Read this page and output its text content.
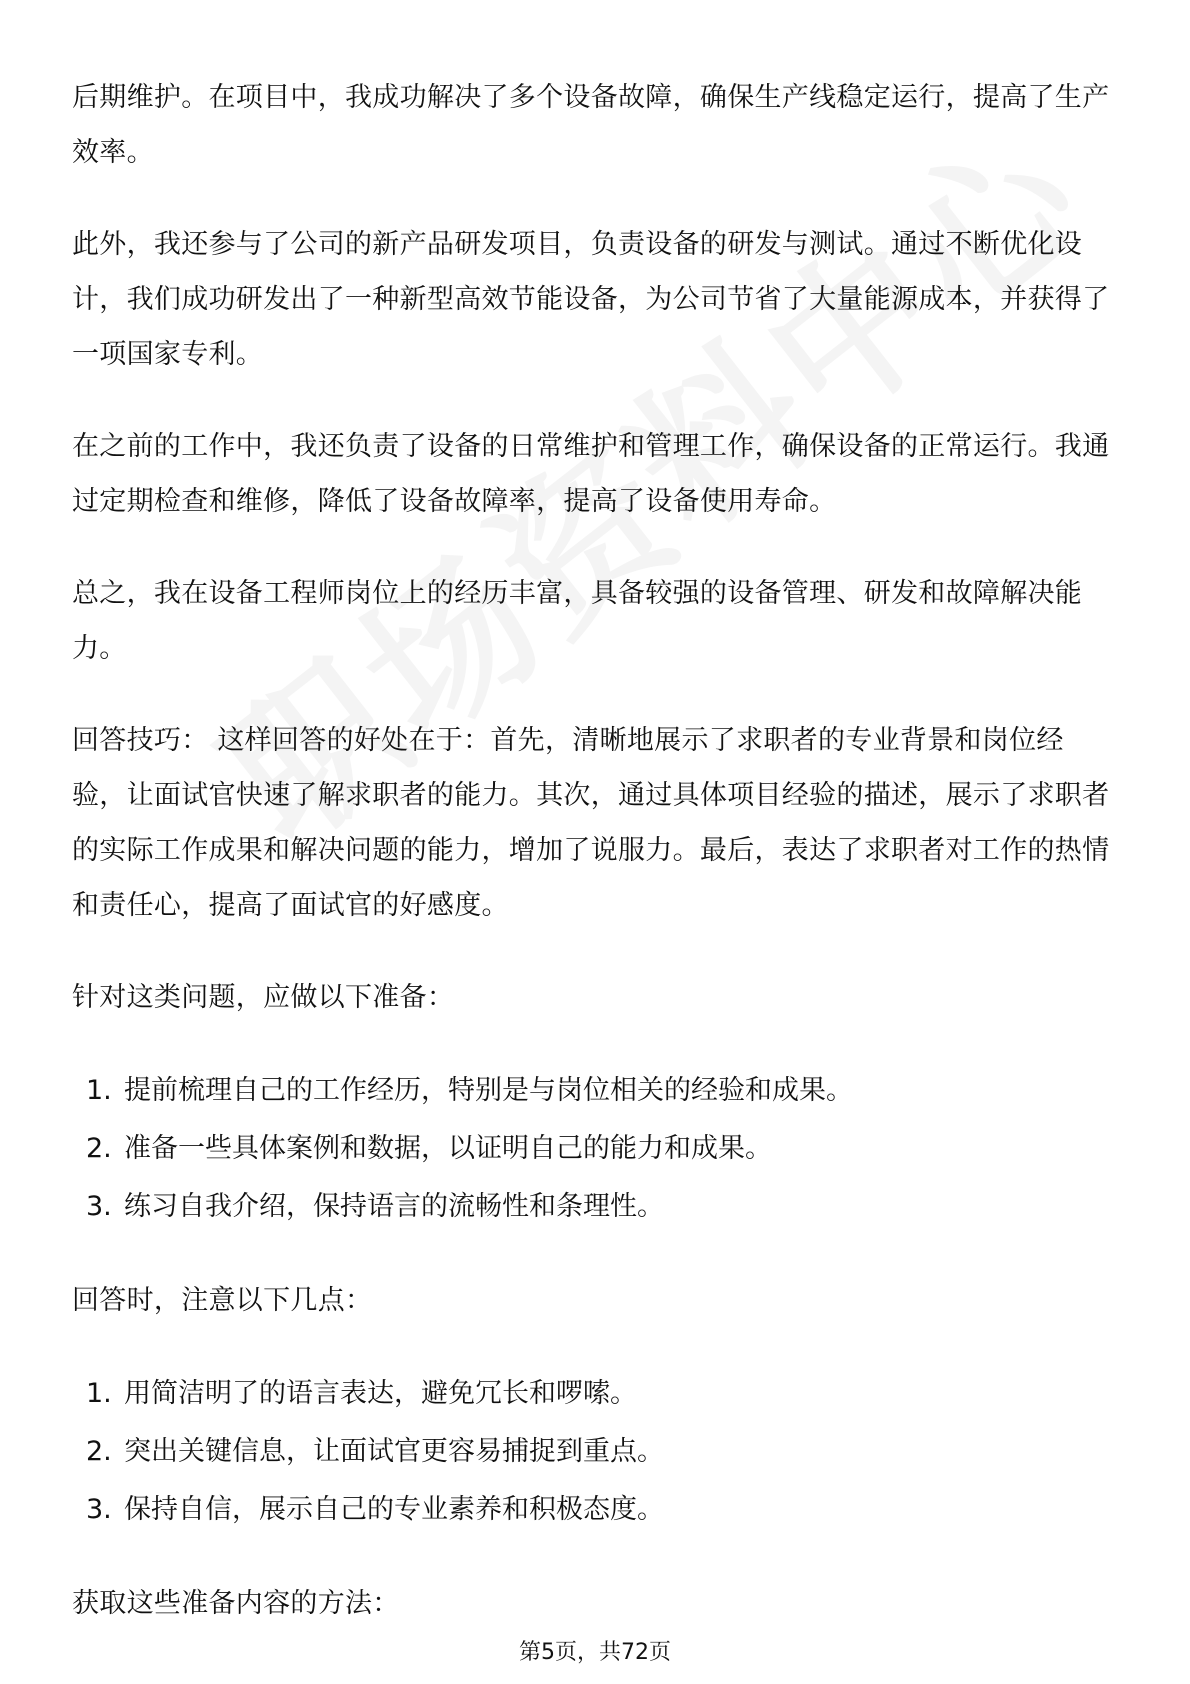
后期维护。在项目中，我成功解决了多个设备故障，确保生产线稳定运行，提高了生产效率。

此外，我还参与了公司的新产品研发项目，负责设备的研发与测试。通过不断优化设计，我们成功研发出了一种新型高效节能设备，为公司节省了大量能源成本，并获得了一项国家专利。

在之前的工作中，我还负责了设备的日常维护和管理工作，确保设备的正常运行。我通过定期检查和维修，降低了设备故障率，提高了设备使用寿命。

总之，我在设备工程师岗位上的经历丰富，具备较强的设备管理、研发和故障解决能力。

回答技巧： 这样回答的好处在于：首先，清晰地展示了求职者的专业背景和岗位经验，让面试官快速了解求职者的能力。其次，通过具体项目经验的描述，展示了求职者的实际工作成果和解决问题的能力，增加了说服力。最后，表达了求职者对工作的热情和责任心，提高了面试官的好感度。

针对这类问题，应做以下准备：

1. 提前梳理自己的工作经历，特别是与岗位相关的经验和成果。
2. 准备一些具体案例和数据，以证明自己的能力和成果。
3. 练习自我介绍，保持语言的流畅性和条理性。

回答时，注意以下几点：

1. 用简洁明了的语言表达，避免冗长和啰嗦。
2. 突出关键信息，让面试官更容易捕捉到重点。
3. 保持自信，展示自己的专业素养和积极态度。

获取这些准备内容的方法：

第5页，共72页
